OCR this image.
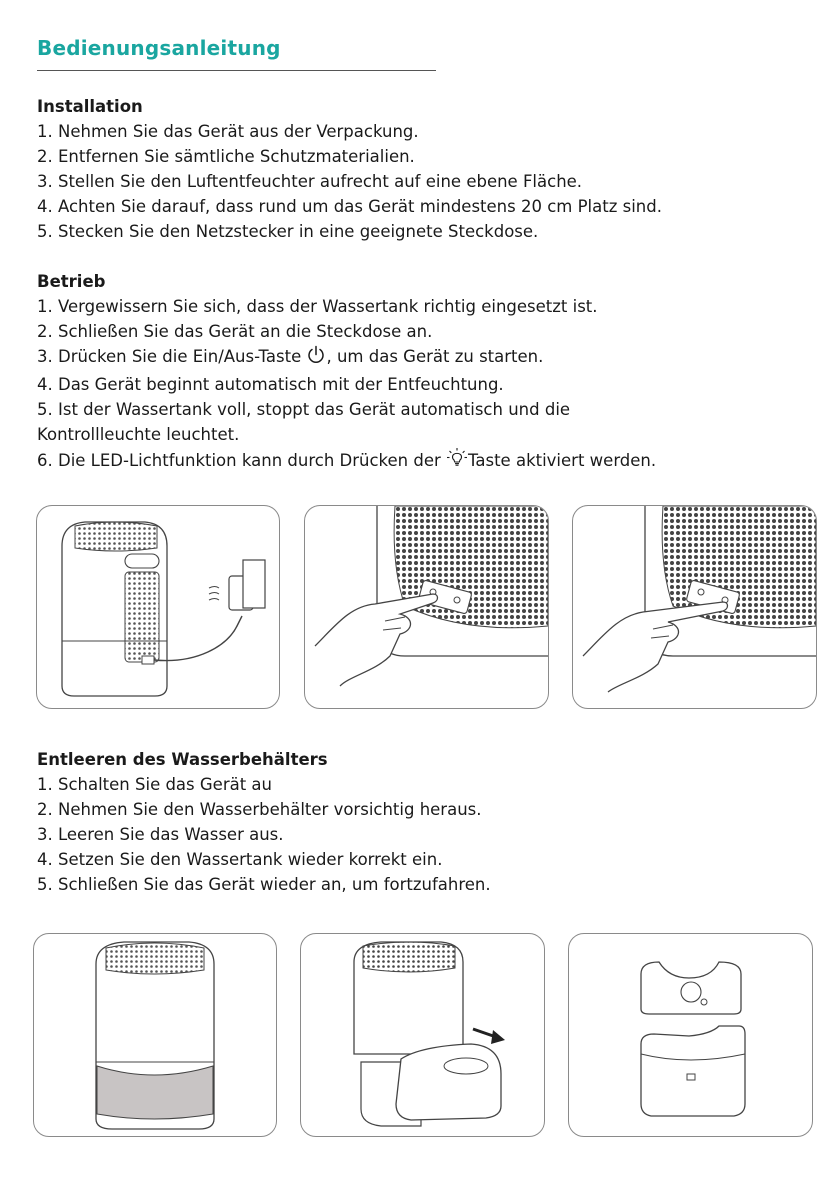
Bedienungsanleitung
Installation
1. Nehmen Sie das Gerät aus der Verpackung.
2. Entfernen Sie sämtliche Schutzmaterialien.
3. Stellen Sie den Luftentfeuchter aufrecht auf eine ebene Fläche.
4. Achten Sie darauf, dass rund um das Gerät mindestens 20 cm Platz sind.
5. Stecken Sie den Netzstecker in eine geeignete Steckdose.
Betrieb
1. Vergewissern Sie sich, dass der Wassertank richtig eingesetzt ist.
2. Schließen Sie das Gerät an die Steckdose an.
3. Drücken Sie die Ein/Aus-Taste , um das Gerät zu starten.
4. Das Gerät beginnt automatisch mit der Entfeuchtung.
5. Ist der Wassertank voll, stoppt das Gerät automatisch und die Kontrollleuchte leuchtet.
6. Die LED-Lichtfunktion kann durch Drücken der Taste aktiviert werden.
Entleeren des Wasserbehälters
1. Schalten Sie das Gerät au
2. Nehmen Sie den Wasserbehälter vorsichtig heraus.
3. Leeren Sie das Wasser aus.
4. Setzen Sie den Wassertank wieder korrekt ein.
5. Schließen Sie das Gerät wieder an, um fortzufahren.
